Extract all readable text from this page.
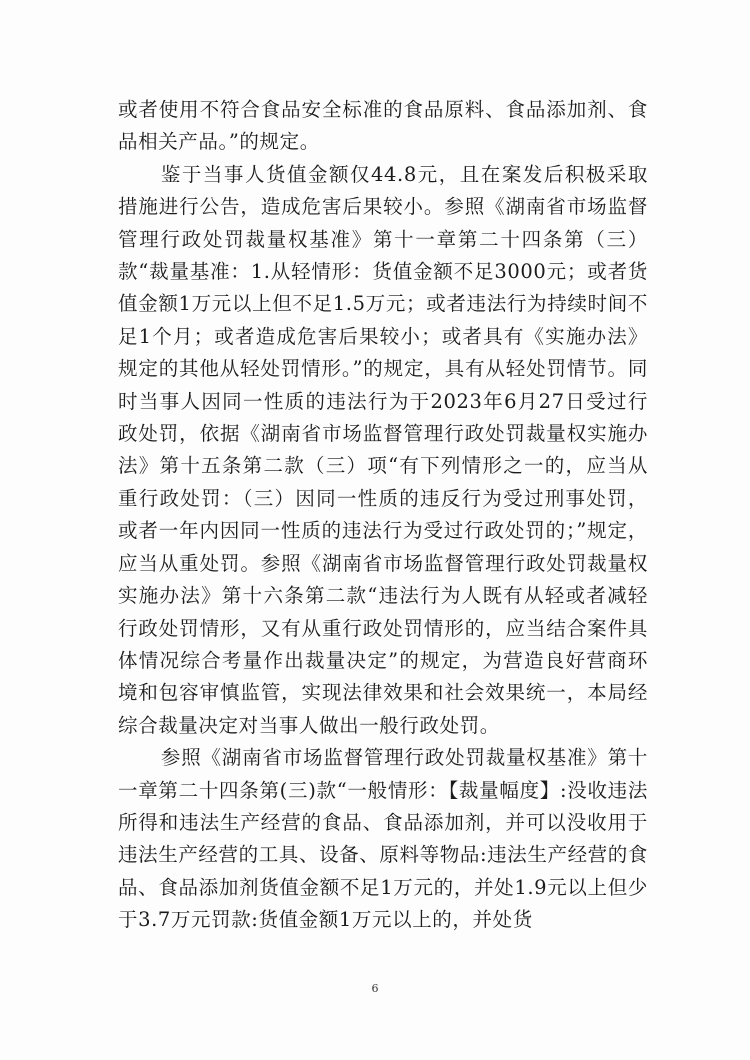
或者使用不符合食品安全标准的食品原料、食品添加剂、食品相关产品。”的规定。

鉴于当事人货值金额仅44.8元，且在案发后积极采取措施进行公告，造成危害后果较小。参照《湖南省市场监督管理行政处罚裁量权基准》第十一章第二十四条第（三）款“裁量基准：1.从轻情形：货值金额不足3000元；或者货值金额1万元以上但不足1.5万元；或者违法行为持续时间不足1个月；或者造成危害后果较小；或者具有《实施办法》规定的其他从轻处罚情形。”的规定，具有从轻处罚情节。同时当事人因同一性质的违法行为于2023年6月27日受过行政处罚，依据《湖南省市场监督管理行政处罚裁量权实施办法》第十五条第二款（三）项“有下列情形之一的，应当从重行政处罚：（三）因同一性质的违反行为受过刑事处罚，或者一年内因同一性质的违法行为受过行政处罚的；”规定，应当从重处罚。参照《湖南省市场监督管理行政处罚裁量权实施办法》第十六条第二款“违法行为人既有从轻或者减轻行政处罚情形，又有从重行政处罚情形的，应当结合案件具体情况综合考量作出裁量决定”的规定，为营造良好营商环境和包容审慎监管，实现法律效果和社会效果统一，本局经综合裁量决定对当事人做出一般行政处罚。

参照《湖南省市场监督管理行政处罚裁量权基准》第十一章第二十四条第(三)款“一般情形：【裁量幅度】:没收违法所得和违法生产经营的食品、食品添加剂，并可以没收用于违法生产经营的工具、设备、原料等物品:违法生产经营的食品、食品添加剂货值金额不足1万元的，并处1.9元以上但少于3.7万元罚款:货值金额1万元以上的，并处货

6
